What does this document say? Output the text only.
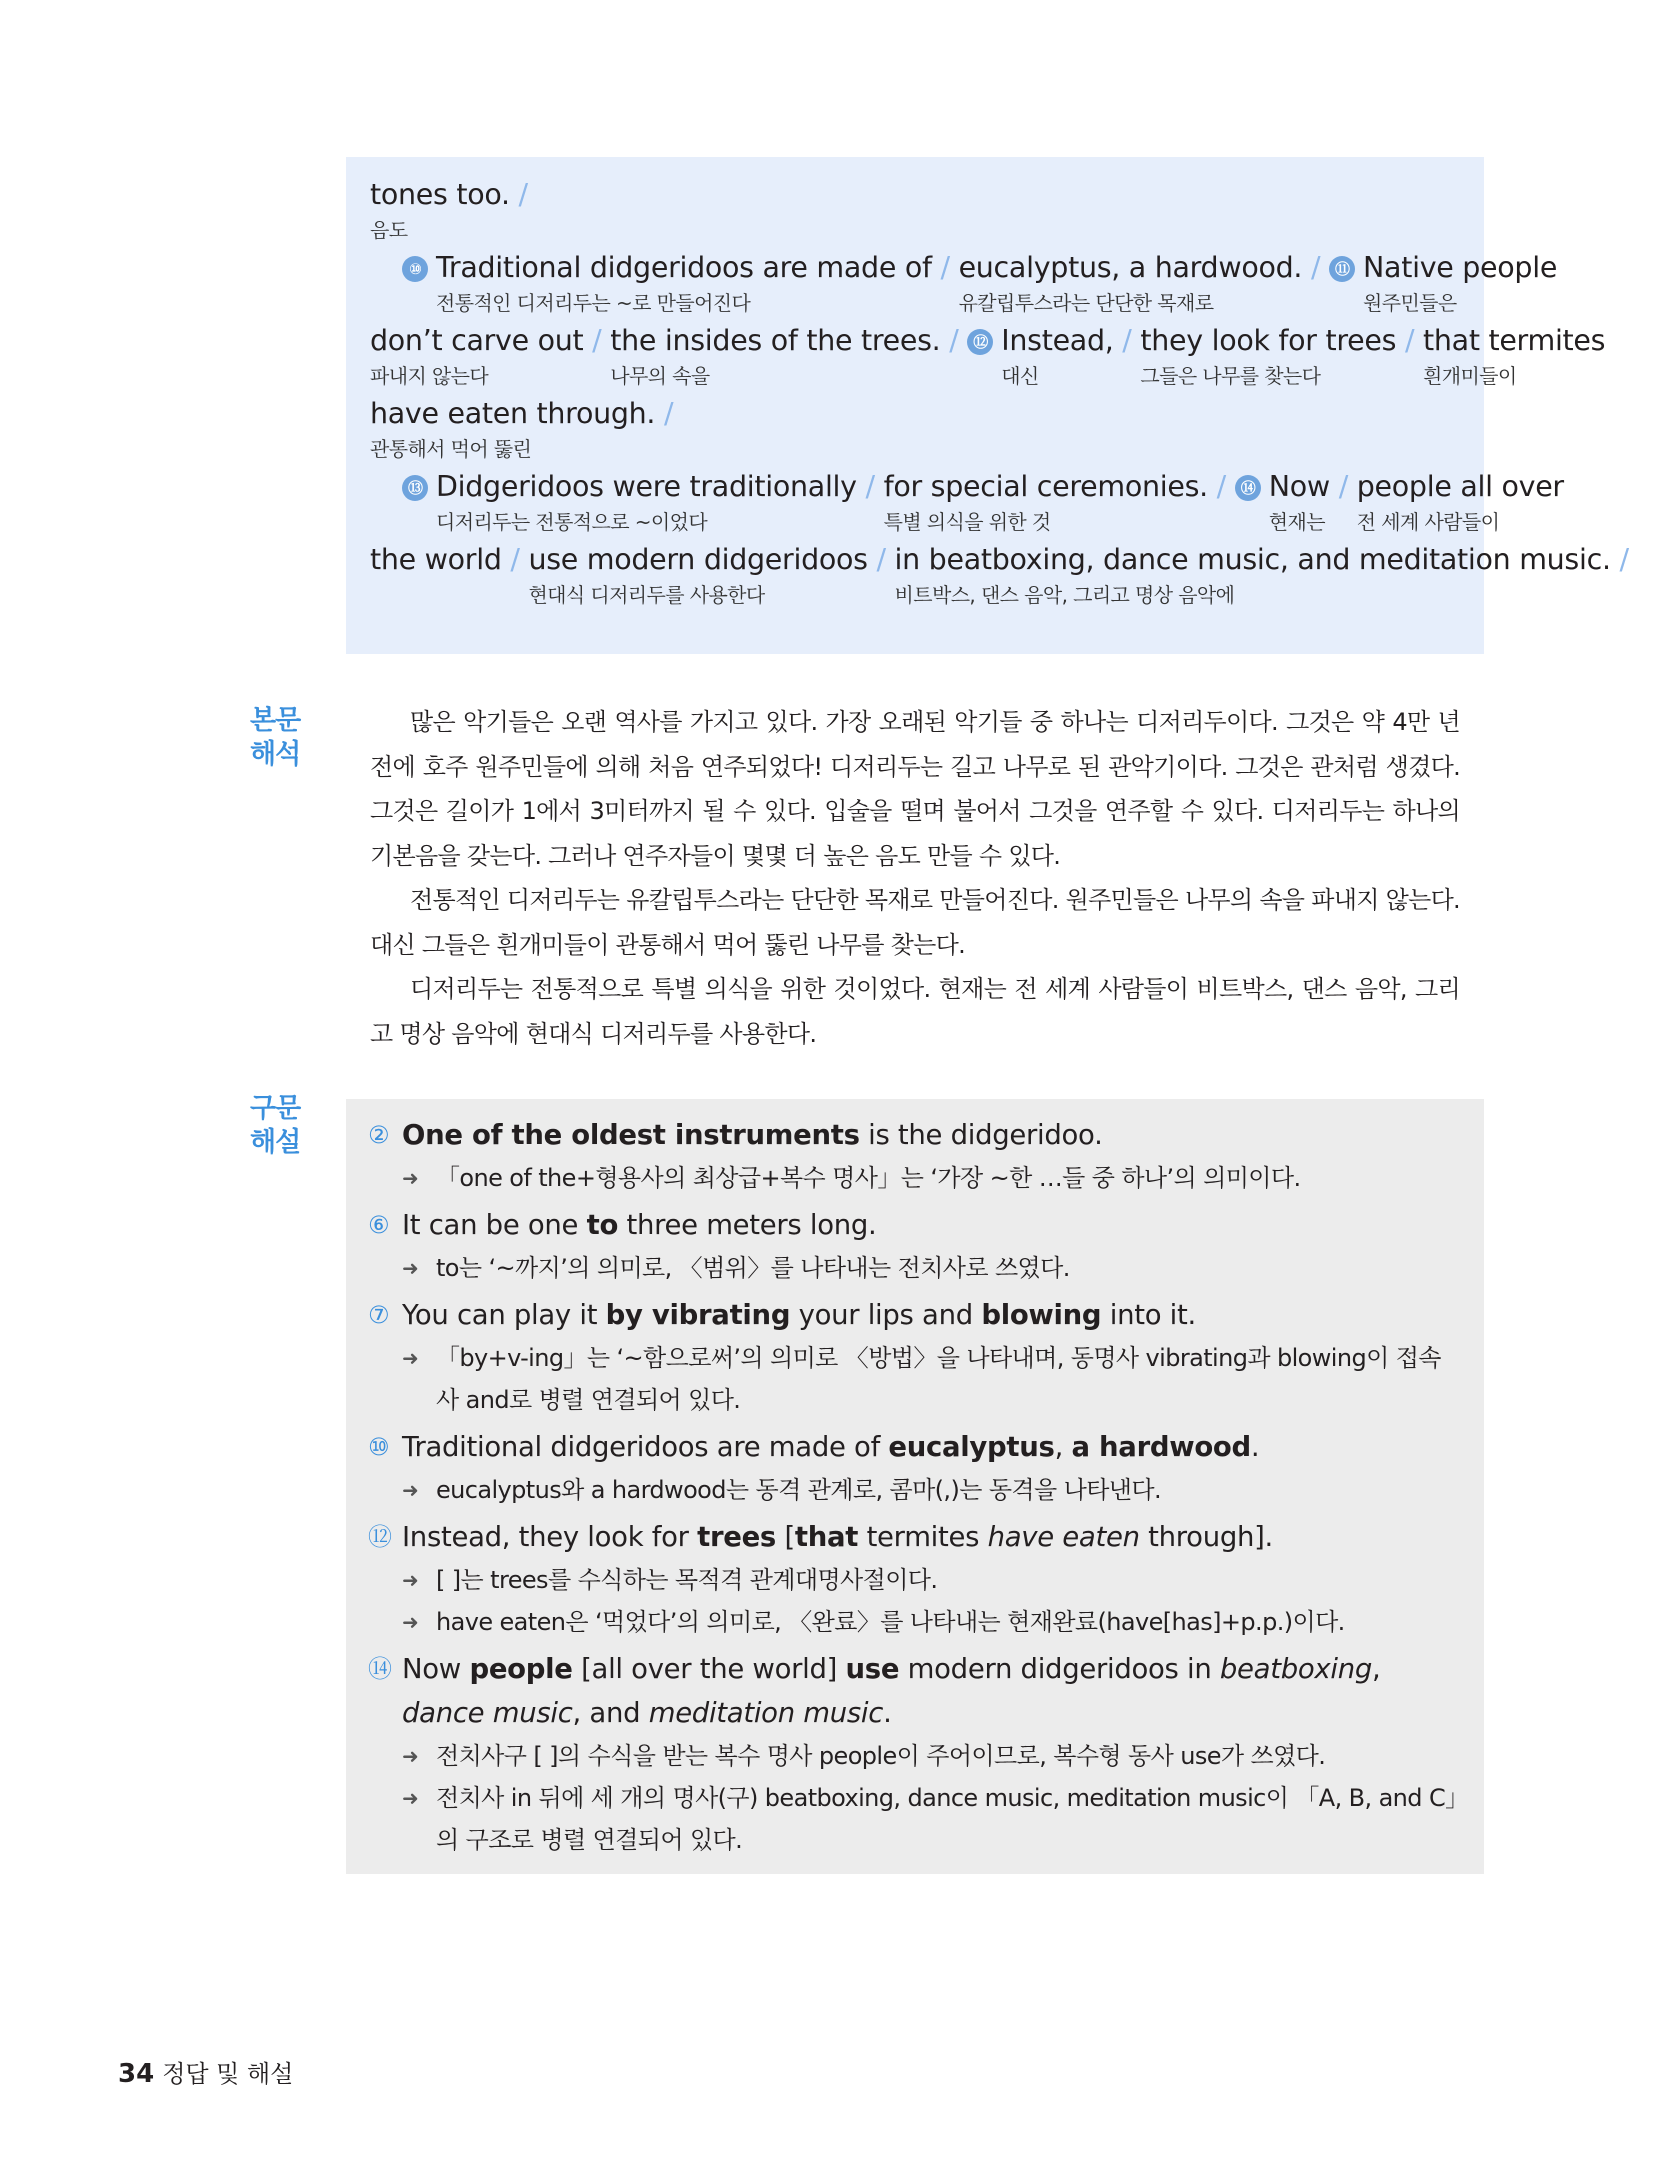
tones too. /
음도
⑩ Traditional didgeridoos are made of /
전통적인 디저리두는 ~로 만들어진다
eucalyptus, a hardwood. /
유칼립투스라는 단단한 목재로
⑪ Native people
원주민들은
don’t carve out /
파내지 않는다
the insides of the trees. /
나무의 속을
⑫ Instead, /
대신
they look for trees /
그들은 나무를 찾는다
that termites
흰개미들이
have eaten through. /
관통해서 먹어 뚫린
⑬ Didgeridoos were traditionally /
디저리두는 전통적으로 ~이었다
for special ceremonies. /
특별 의식을 위한 것
⑭ Now /
현재는
people all over
전 세계 사람들이
the world / use modern didgeridoos /
현대식 디저리두를 사용한다
in beatboxing, dance music, and meditation music. /
비트박스, 댄스 음악, 그리고 명상 음악에
본문
해석

많은 악기들은 오랜 역사를 가지고 있다. 가장 오래된 악기들 중 하나는 디저리두이다. 그것은 약 4만 년 전에 호주 원주민들에 의해 처음 연주되었다! 디저리두는 길고 나무로 된 관악기이다. 그것은 관처럼 생겼다. 그것은 길이가 1에서 3미터까지 될 수 있다. 입술을 떨며 불어서 그것을 연주할 수 있다. 디저리두는 하나의 기본음을 갖는다. 그러나 연주자들이 몇몇 더 높은 음도 만들 수 있다.

전통적인 디저리두는 유칼립투스라는 단단한 목재로 만들어진다. 원주민들은 나무의 속을 파내지 않는다. 대신 그들은 흰개미들이 관통해서 먹어 뚫린 나무를 찾는다.

디저리두는 전통적으로 특별 의식을 위한 것이었다. 현재는 전 세계 사람들이 비트박스, 댄스 음악, 그리고 명상 음악에 현대식 디저리두를 사용한다.

구문
해설	② One of the oldest instruments is the didgeridoo.
➜ 「one of the+형용사의 최상급+복수 명사」는 ‘가장 ~한 …들 중 하나’의 의미이다.
⑥ It can be one to three meters long.
➜ to는 ‘~까지’의 의미로, 〈범위〉를 나타내는 전치사로 쓰였다.
⑦ You can play it by vibrating your lips and blowing into it.
➜ 「by+v-ing」는 ‘~함으로써’의 의미로 〈방법〉을 나타내며, 동명사 vibrating과 blowing이 접속사 and로 병렬 연결되어 있다.
⑩ Traditional didgeridoos are made of eucalyptus, a hardwood.
➜ eucalyptus와 a hardwood는 동격 관계로, 콤마(,)는 동격을 나타낸다.
⑫ Instead, they look for trees [that termites have eaten through].
➜ [ ]는 trees를 수식하는 목적격 관계대명사절이다.
➜ have eaten은 ‘먹었다’의 의미로, 〈완료〉를 나타내는 현재완료(have[has]+p.p.)이다.
⑭ Now people [all over the world] use modern didgeridoos in beatboxing, dance music, and meditation music.
➜ 전치사구 [ ]의 수식을 받는 복수 명사 people이 주어이므로, 복수형 동사 use가 쓰였다.
➜ 전치사 in 뒤에 세 개의 명사(구) beatboxing, dance music, meditation music이 「A, B, and C」의 구조로 병렬 연결되어 있다.
34 정답 및 해설
